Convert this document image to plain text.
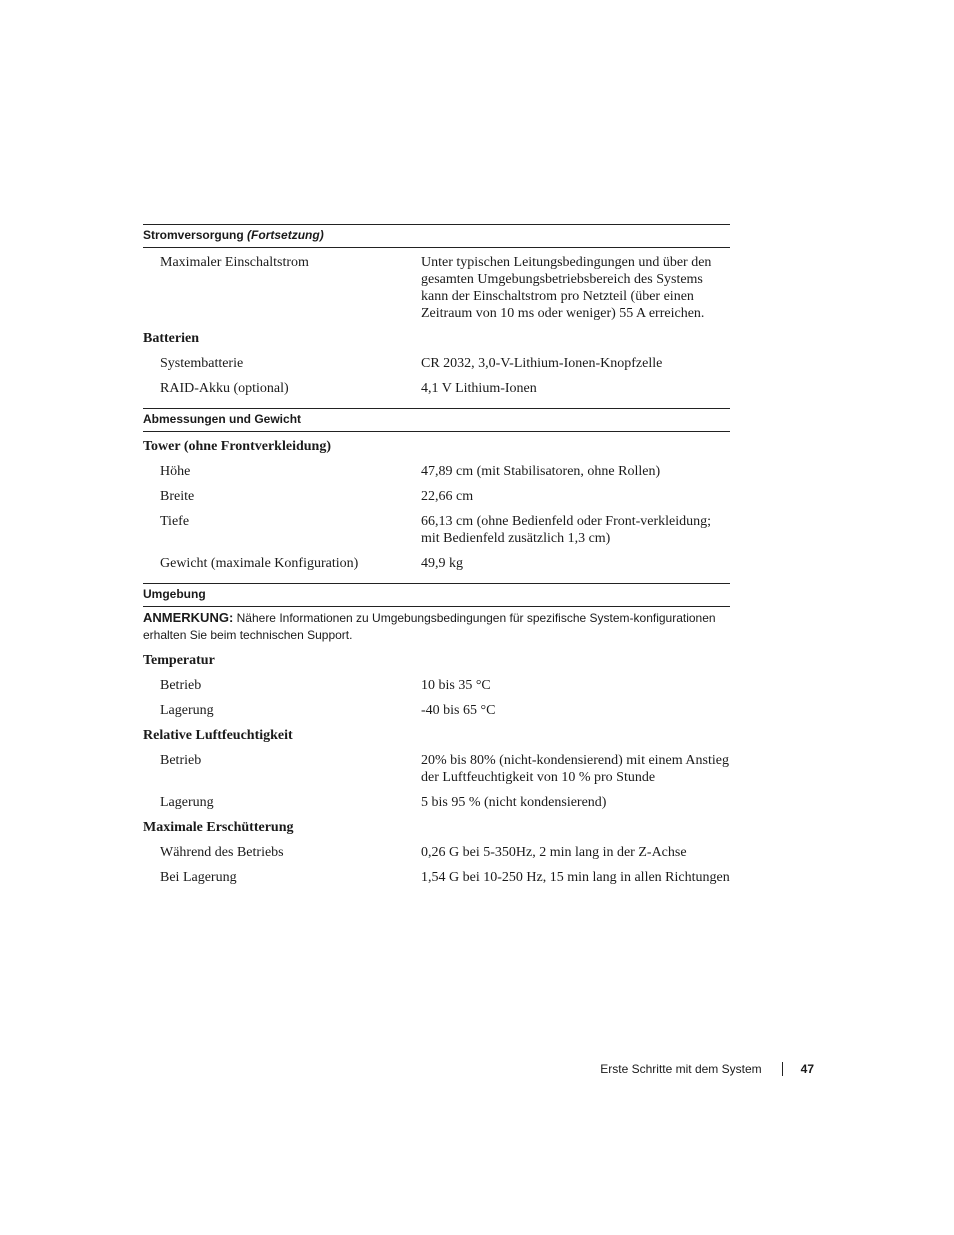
Stromversorgung (Fortsetzung)
Maximaler Einschaltstrom	Unter typischen Leitungsbedingungen und über den gesamten Umgebungsbetriebsbereich des Systems kann der Einschaltstrom pro Netzteil (über einen Zeitraum von 10 ms oder weniger) 55 A erreichen.
Batterien
Systembatterie	CR 2032, 3,0-V-Lithium-Ionen-Knopfzelle
RAID-Akku (optional)	4,1 V Lithium-Ionen
Abmessungen und Gewicht
Tower (ohne Frontverkleidung)
Höhe	47,89 cm (mit Stabilisatoren, ohne Rollen)
Breite	22,66 cm
Tiefe	66,13 cm (ohne Bedienfeld oder Front-verkleidung; mit Bedienfeld zusätzlich 1,3 cm)
Gewicht (maximale Konfiguration)	49,9 kg
Umgebung
ANMERKUNG: Nähere Informationen zu Umgebungsbedingungen für spezifische System-konfigurationen erhalten Sie beim technischen Support.
Temperatur
Betrieb	10 bis 35 °C
Lagerung	-40 bis 65 °C
Relative Luftfeuchtigkeit
Betrieb	20% bis 80% (nicht-kondensierend) mit einem Anstieg der Luftfeuchtigkeit von 10 % pro Stunde
Lagerung	5 bis 95 % (nicht kondensierend)
Maximale Erschütterung
Während des Betriebs	0,26 G bei 5-350Hz, 2 min lang in der Z-Achse
Bei Lagerung	1,54 G bei 10-250 Hz, 15 min lang in allen Richtungen
Erste Schritte mit dem System	47
